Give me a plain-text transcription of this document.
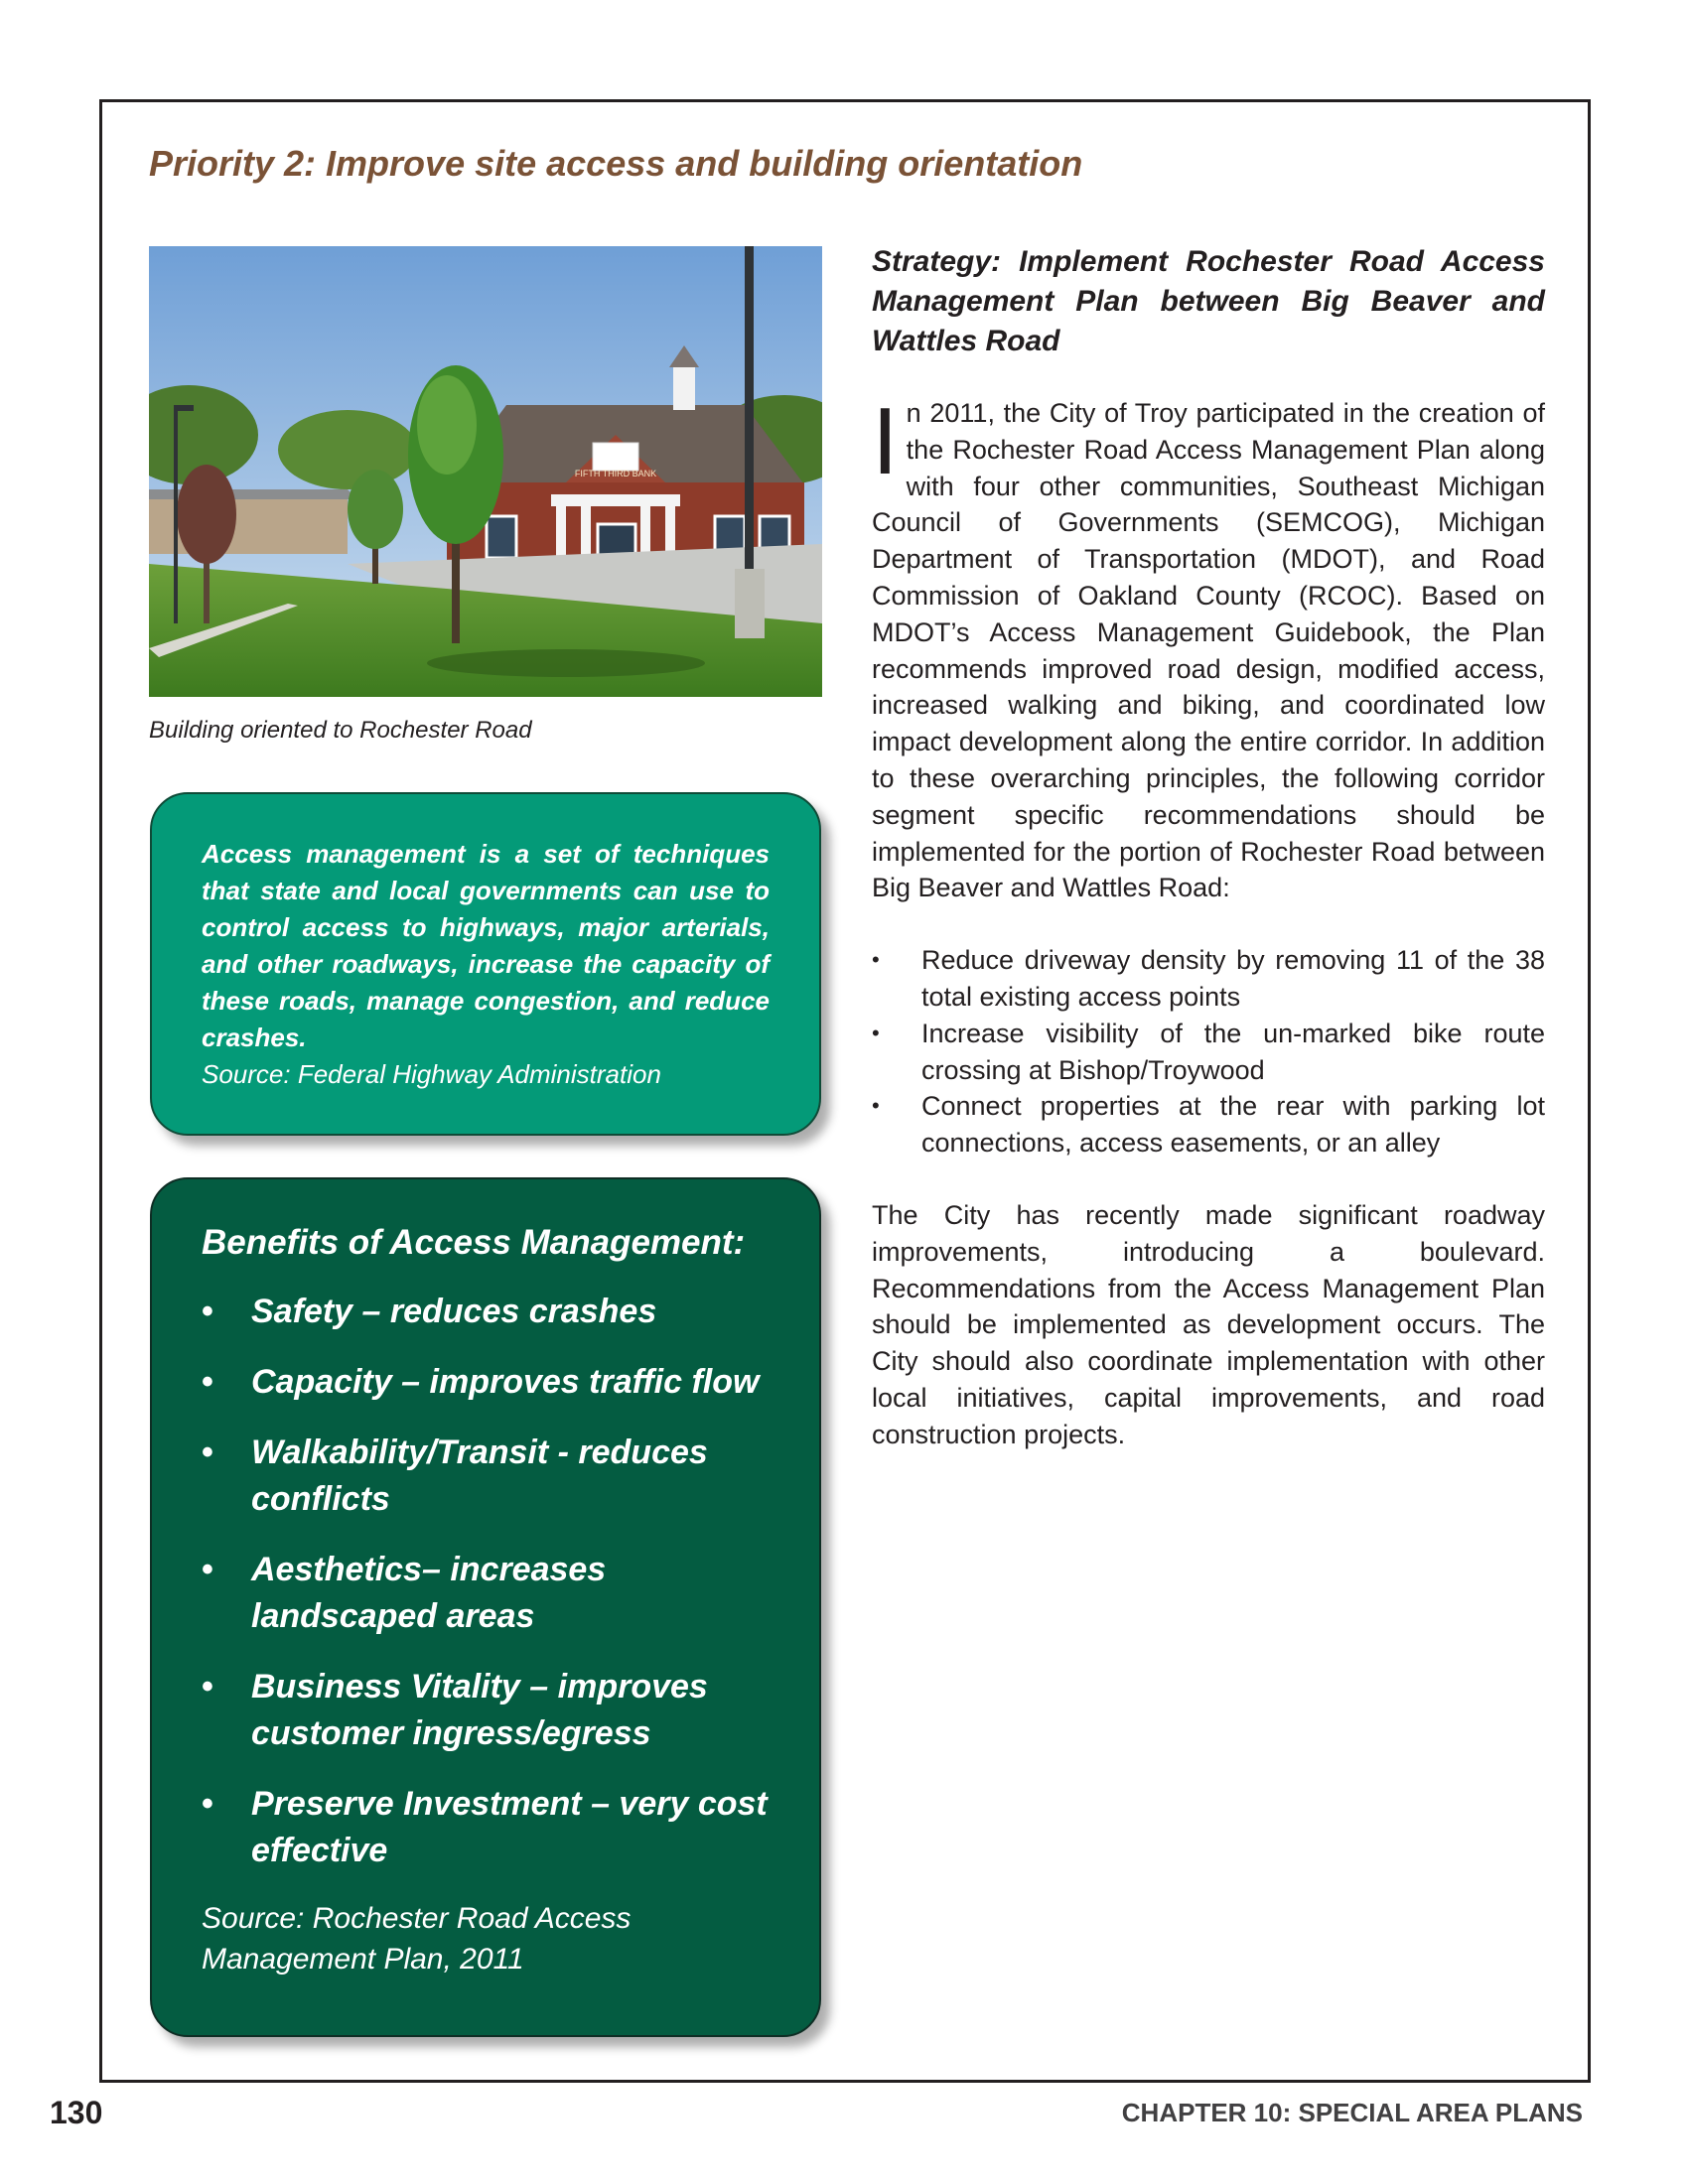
Priority 2: Improve site access and building orientation
FIFTH THIRD BANK
Building oriented to Rochester Road
Access management is a set of techniques that state and local governments can use to control access to highways, major arterials, and other roadways, increase the capacity of these roads, manage congestion, and reduce crashes.
Source: Federal Highway Administration
Benefits of Access Management:
• Safety – reduces crashes
• Capacity – improves traffic flow
• Walkability/Transit - reduces conflicts
• Aesthetics– increases landscaped areas
• Business Vitality – improves customer ingress/egress
• Preserve Investment – very cost effective
Source: Rochester Road Access Management Plan, 2011
Strategy: Implement Rochester Road Access Management Plan between Big Beaver and Wattles Road
In 2011, the City of Troy participated in the creation of the Rochester Road Access Management Plan along with four other communities, Southeast Michigan Council of Governments (SEMCOG), Michigan Department of Transportation (MDOT), and Road Commission of Oakland County (RCOC). Based on MDOT’s Access Management Guidebook, the Plan recommends improved road design, modified access, increased walking and biking, and coordinated low impact development along the entire corridor. In addition to these overarching principles, the following corridor segment specific recommendations should be implemented for the portion of Rochester Road between Big Beaver and Wattles Road:
• Reduce driveway density by removing 11 of the 38 total existing access points
• Increase visibility of the un-marked bike route crossing at Bishop/Troywood
• Connect properties at the rear with parking lot connections, access easements, or an alley
The City has recently made significant roadway improvements, introducing a boulevard. Recommendations from the Access Management Plan should be implemented as development occurs. The City should also coordinate implementation with other local initiatives, capital improvements, and road construction projects.
130	CHAPTER 10: SPECIAL AREA PLANS
